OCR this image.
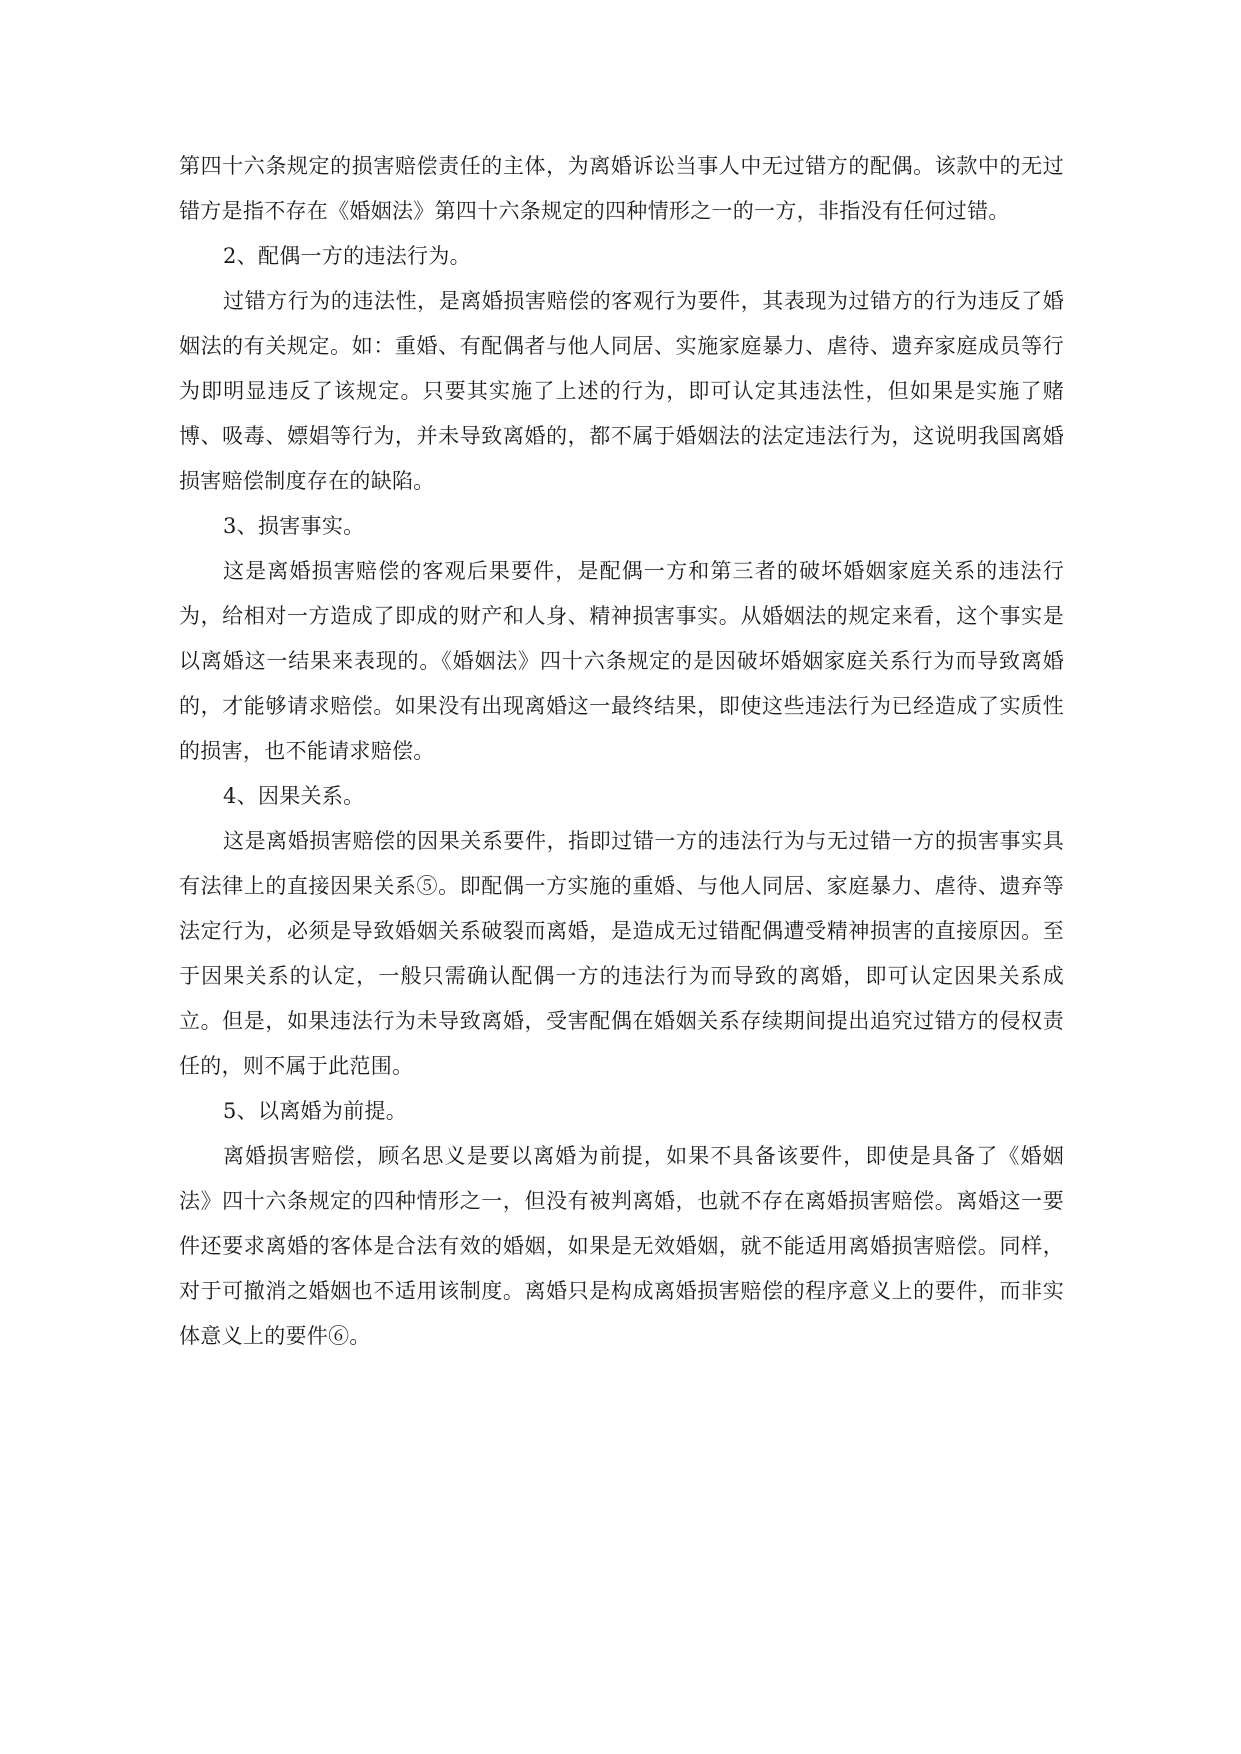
第四十六条规定的损害赔偿责任的主体，为离婚诉讼当事人中无过错方的配偶。该款中的无过错方是指不存在《婚姻法》第四十六条规定的四种情形之一的一方，非指没有任何过错。

2、配偶一方的违法行为。

过错方行为的违法性，是离婚损害赔偿的客观行为要件，其表现为过错方的行为违反了婚姻法的有关规定。如：重婚、有配偶者与他人同居、实施家庭暴力、虐待、遗弃家庭成员等行为即明显违反了该规定。只要其实施了上述的行为，即可认定其违法性，但如果是实施了赌博、吸毒、嫖娼等行为，并未导致离婚的，都不属于婚姻法的法定违法行为，这说明我国离婚损害赔偿制度存在的缺陷。

3、损害事实。

这是离婚损害赔偿的客观后果要件，是配偶一方和第三者的破坏婚姻家庭关系的违法行为，给相对一方造成了即成的财产和人身、精神损害事实。从婚姻法的规定来看，这个事实是以离婚这一结果来表现的。《婚姻法》四十六条规定的是因破坏婚姻家庭关系行为而导致离婚的，才能够请求赔偿。如果没有出现离婚这一最终结果，即使这些违法行为已经造成了实质性的损害，也不能请求赔偿。

4、因果关系。

这是离婚损害赔偿的因果关系要件，指即过错一方的违法行为与无过错一方的损害事实具有法律上的直接因果关系⑤。即配偶一方实施的重婚、与他人同居、家庭暴力、虐待、遗弃等法定行为，必须是导致婚姻关系破裂而离婚，是造成无过错配偶遭受精神损害的直接原因。至于因果关系的认定，一般只需确认配偶一方的违法行为而导致的离婚，即可认定因果关系成立。但是，如果违法行为未导致离婚，受害配偶在婚姻关系存续期间提出追究过错方的侵权责任的，则不属于此范围。

5、以离婚为前提。

离婚损害赔偿，顾名思义是要以离婚为前提，如果不具备该要件，即使是具备了《婚姻法》四十六条规定的四种情形之一，但没有被判离婚，也就不存在离婚损害赔偿。离婚这一要件还要求离婚的客体是合法有效的婚姻，如果是无效婚姻，就不能适用离婚损害赔偿。同样，对于可撤消之婚姻也不适用该制度。离婚只是构成离婚损害赔偿的程序意义上的要件，而非实体意义上的要件⑥。
